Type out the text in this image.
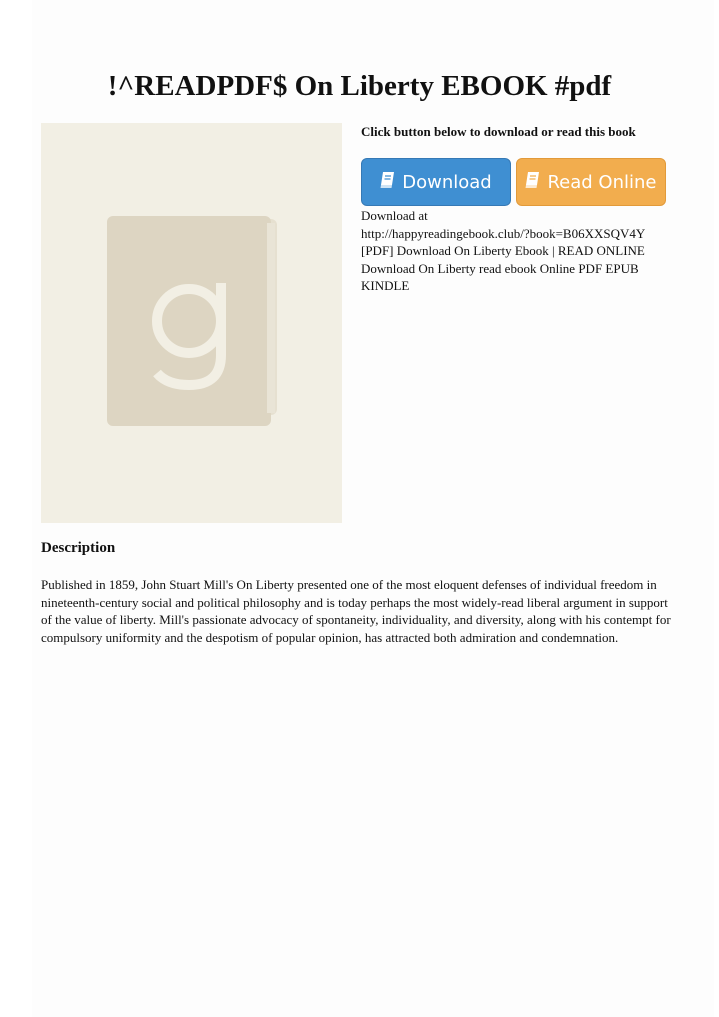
!^READPDF$ On Liberty EBOOK #pdf

Click button below to download or read this book

Download	Read Online
Download at
http://happyreadingebook.club/?book=B06XXSQV4Y
[PDF] Download On Liberty Ebook | READ ONLINE
Download On Liberty read ebook Online PDF EPUB
KINDLE
Description

Published in 1859, John Stuart Mill's On Liberty presented one of the most eloquent defenses of individual freedom in nineteenth-century social and political philosophy and is today perhaps the most widely-read liberal argument in support of the value of liberty. Mill's passionate advocacy of spontaneity, individuality, and diversity, along with his contempt for compulsory uniformity and the despotism of popular opinion, has attracted both admiration and condemnation.
